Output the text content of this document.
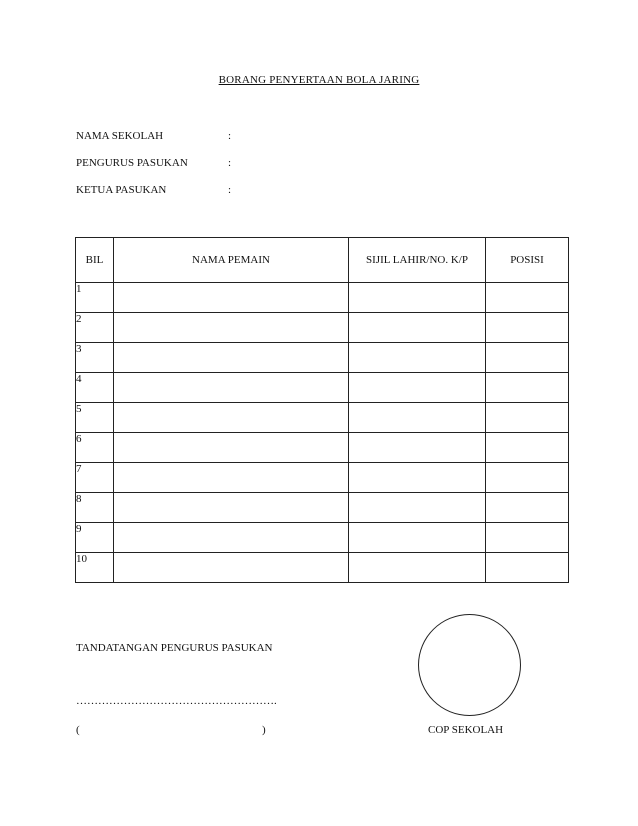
BORANG PENYERTAAN BOLA JARING
NAMA SEKOLAH	:
PENGURUS PASUKAN	:
KETUA PASUKAN	:
BIL	NAMA PEMAIN	SIJIL LAHIR/NO. K/P	POSISI
1			
2			
3			
4			
5			
6			
7			
8			
9			
10			
TANDATANGAN PENGURUS PASUKAN
……………………………………………….
(	)	COP SEKOLAH
